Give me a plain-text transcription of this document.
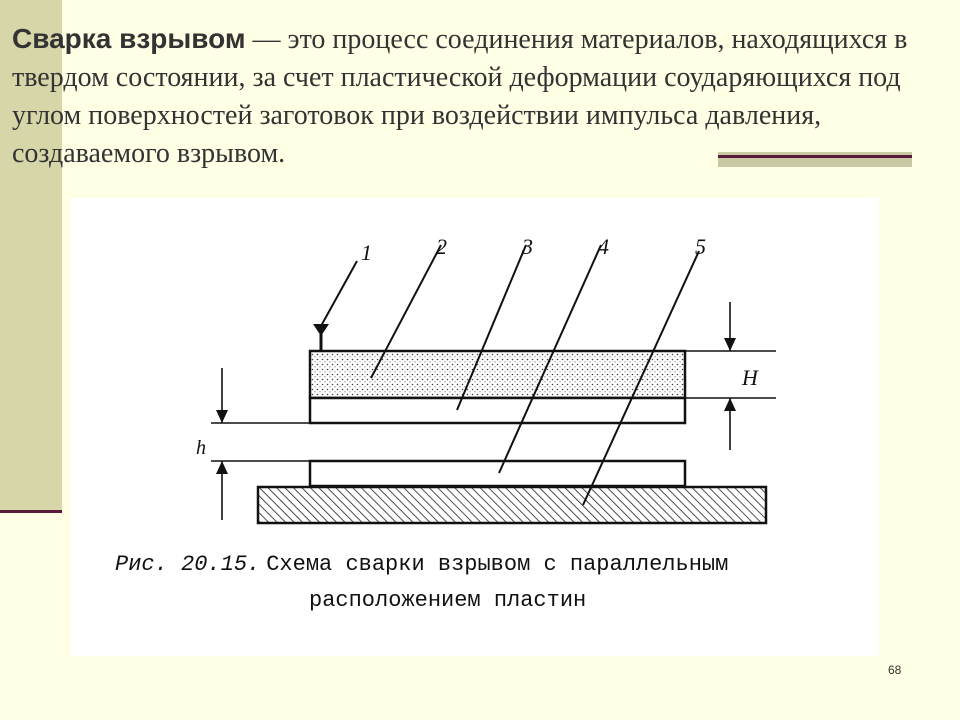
Сварка взрывом — это процесс соединения материалов, находящихся в твердом состоянии, за счет пластической деформации соударяющихся под углом поверхностей заготовок при воздействии импульса давления, создаваемого взрывом.

1	2	3	4	5
H
h
Рис. 20.15. Схема сварки взрывом с параллельным
расположением пластин
68
